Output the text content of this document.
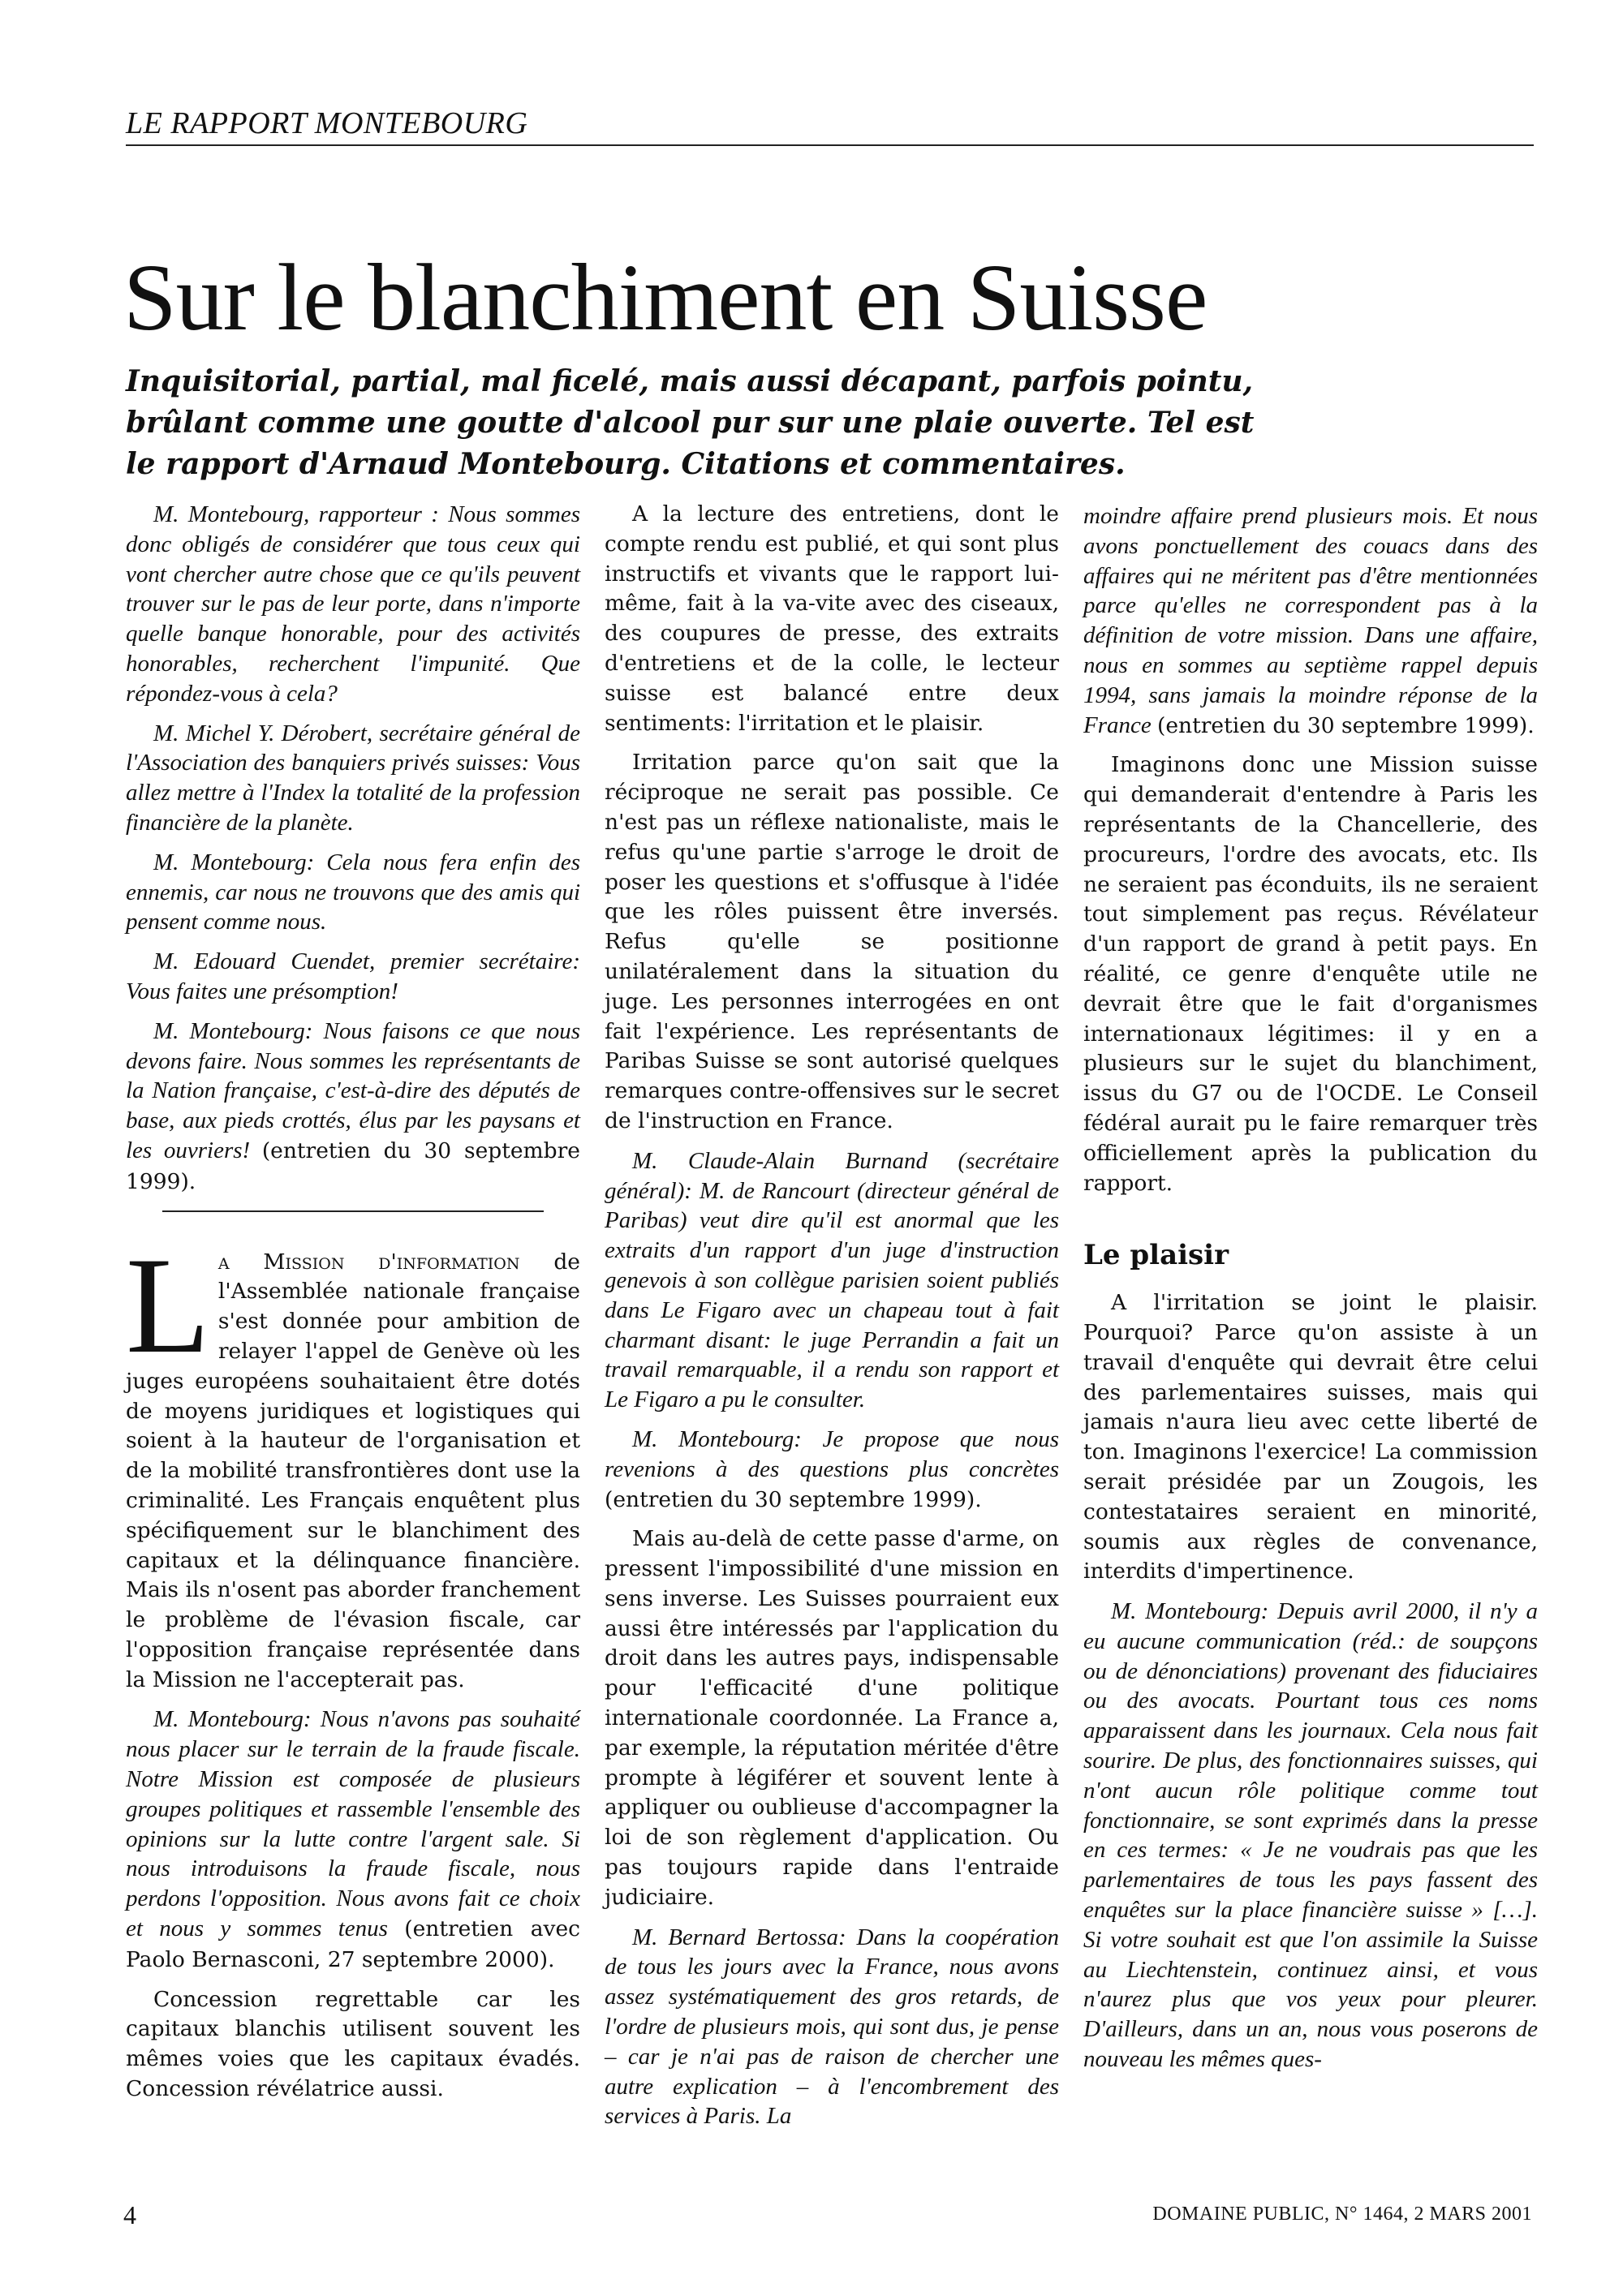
LE RAPPORT MONTEBOURG
Sur le blanchiment en Suisse
Inquisitorial, partial, mal ficelé, mais aussi décapant, parfois pointu, brûlant comme une goutte d'alcool pur sur une plaie ouverte. Tel est le rapport d'Arnaud Montebourg. Citations et commentaires.

M. Montebourg, rapporteur : Nous sommes donc obligés de considérer que tous ceux qui vont chercher autre chose que ce qu'ils peuvent trouver sur le pas de leur porte, dans n'importe quelle banque honorable, pour des activités honorables, recherchent l'impunité. Que répondez-vous à cela?

M. Michel Y. Dérobert, secrétaire général de l'Association des banquiers privés suisses: Vous allez mettre à l'Index la totalité de la profession financière de la planète.

M. Montebourg: Cela nous fera enfin des ennemis, car nous ne trouvons que des amis qui pensent comme nous.

M. Edouard Cuendet, premier secrétaire: Vous faites une présomption!

M. Montebourg: Nous faisons ce que nous devons faire. Nous sommes les représentants de la Nation française, c'est-à-dire des députés de base, aux pieds crottés, élus par les paysans et les ouvriers! (entretien du 30 septembre 1999).

La Mission d'information de l'Assemblée nationale française s'est donnée pour ambition de relayer l'appel de Genève où les juges européens souhaitaient être dotés de moyens juridiques et logistiques qui soient à la hauteur de l'organisation et de la mobilité transfrontières dont use la criminalité. Les Français enquêtent plus spécifiquement sur le blanchiment des capitaux et la délinquance financière. Mais ils n'osent pas aborder franchement le problème de l'évasion fiscale, car l'opposition française représentée dans la Mission ne l'accepterait pas.

M. Montebourg: Nous n'avons pas souhaité nous placer sur le terrain de la fraude fiscale. Notre Mission est composée de plusieurs groupes politiques et rassemble l'ensemble des opinions sur la lutte contre l'argent sale. Si nous introduisons la fraude fiscale, nous perdons l'opposition. Nous avons fait ce choix et nous y sommes tenus (entretien avec Paolo Bernasconi, 27 septembre 2000).

Concession regrettable car les capitaux blanchis utilisent souvent les mêmes voies que les capitaux évadés. Concession révélatrice aussi.

A la lecture des entretiens, dont le compte rendu est publié, et qui sont plus instructifs et vivants que le rapport lui-même, fait à la va-vite avec des ciseaux, des coupures de presse, des extraits d'entretiens et de la colle, le lecteur suisse est balancé entre deux sentiments: l'irritation et le plaisir.

Irritation parce qu'on sait que la réciproque ne serait pas possible. Ce n'est pas un réflexe nationaliste, mais le refus qu'une partie s'arroge le droit de poser les questions et s'offusque à l'idée que les rôles puissent être inversés. Refus qu'elle se positionne unilatéralement dans la situation du juge. Les personnes interrogées en ont fait l'expérience. Les représentants de Paribas Suisse se sont autorisé quelques remarques contre-offensives sur le secret de l'instruction en France.

M. Claude-Alain Burnand (secrétaire général): M. de Rancourt (directeur général de Paribas) veut dire qu'il est anormal que les extraits d'un rapport d'un juge d'instruction genevois à son collègue parisien soient publiés dans Le Figaro avec un chapeau tout à fait charmant disant: le juge Perrandin a fait un travail remarquable, il a rendu son rapport et Le Figaro a pu le consulter.

M. Montebourg: Je propose que nous revenions à des questions plus concrètes (entretien du 30 septembre 1999).

Mais au-delà de cette passe d'arme, on pressent l'impossibilité d'une mission en sens inverse. Les Suisses pourraient eux aussi être intéressés par l'application du droit dans les autres pays, indispensable pour l'efficacité d'une politique internationale coordonnée. La France a, par exemple, la réputation méritée d'être prompte à légiférer et souvent lente à appliquer ou oublieuse d'accompagner la loi de son règlement d'application. Ou pas toujours rapide dans l'entraide judiciaire.

M. Bernard Bertossa: Dans la coopération de tous les jours avec la France, nous avons assez systématiquement des gros retards, de l'ordre de plusieurs mois, qui sont dus, je pense – car je n'ai pas de raison de chercher une autre explication – à l'encombrement des services à Paris. La

moindre affaire prend plusieurs mois. Et nous avons ponctuellement des couacs dans des affaires qui ne méritent pas d'être mentionnées parce qu'elles ne correspondent pas à la définition de votre mission. Dans une affaire, nous en sommes au septième rappel depuis 1994, sans jamais la moindre réponse de la France (entretien du 30 septembre 1999).

Imaginons donc une Mission suisse qui demanderait d'entendre à Paris les représentants de la Chancellerie, des procureurs, l'ordre des avocats, etc. Ils ne seraient pas éconduits, ils ne seraient tout simplement pas reçus. Révélateur d'un rapport de grand à petit pays. En réalité, ce genre d'enquête utile ne devrait être que le fait d'organismes internationaux légitimes: il y en a plusieurs sur le sujet du blanchiment, issus du G7 ou de l'OCDE. Le Conseil fédéral aurait pu le faire remarquer très officiellement après la publication du rapport.

Le plaisir

A l'irritation se joint le plaisir. Pourquoi? Parce qu'on assiste à un travail d'enquête qui devrait être celui des parlementaires suisses, mais qui jamais n'aura lieu avec cette liberté de ton. Imaginons l'exercice! La commission serait présidée par un Zougois, les contestataires seraient en minorité, soumis aux règles de convenance, interdits d'impertinence.

M. Montebourg: Depuis avril 2000, il n'y a eu aucune communication (réd.: de soupçons ou de dénonciations) provenant des fiduciaires ou des avocats. Pourtant tous ces noms apparaissent dans les journaux. Cela nous fait sourire. De plus, des fonctionnaires suisses, qui n'ont aucun rôle politique comme tout fonctionnaire, se sont exprimés dans la presse en ces termes: « Je ne voudrais pas que les parlementaires de tous les pays fassent des enquêtes sur la place financière suisse » […]. Si votre souhait est que l'on assimile la Suisse au Liechtenstein, continuez ainsi, et vous n'aurez plus que vos yeux pour pleurer. D'ailleurs, dans un an, nous vous poserons de nouveau les mêmes ques-

4	DOMAINE PUBLIC, N° 1464, 2 MARS 2001
